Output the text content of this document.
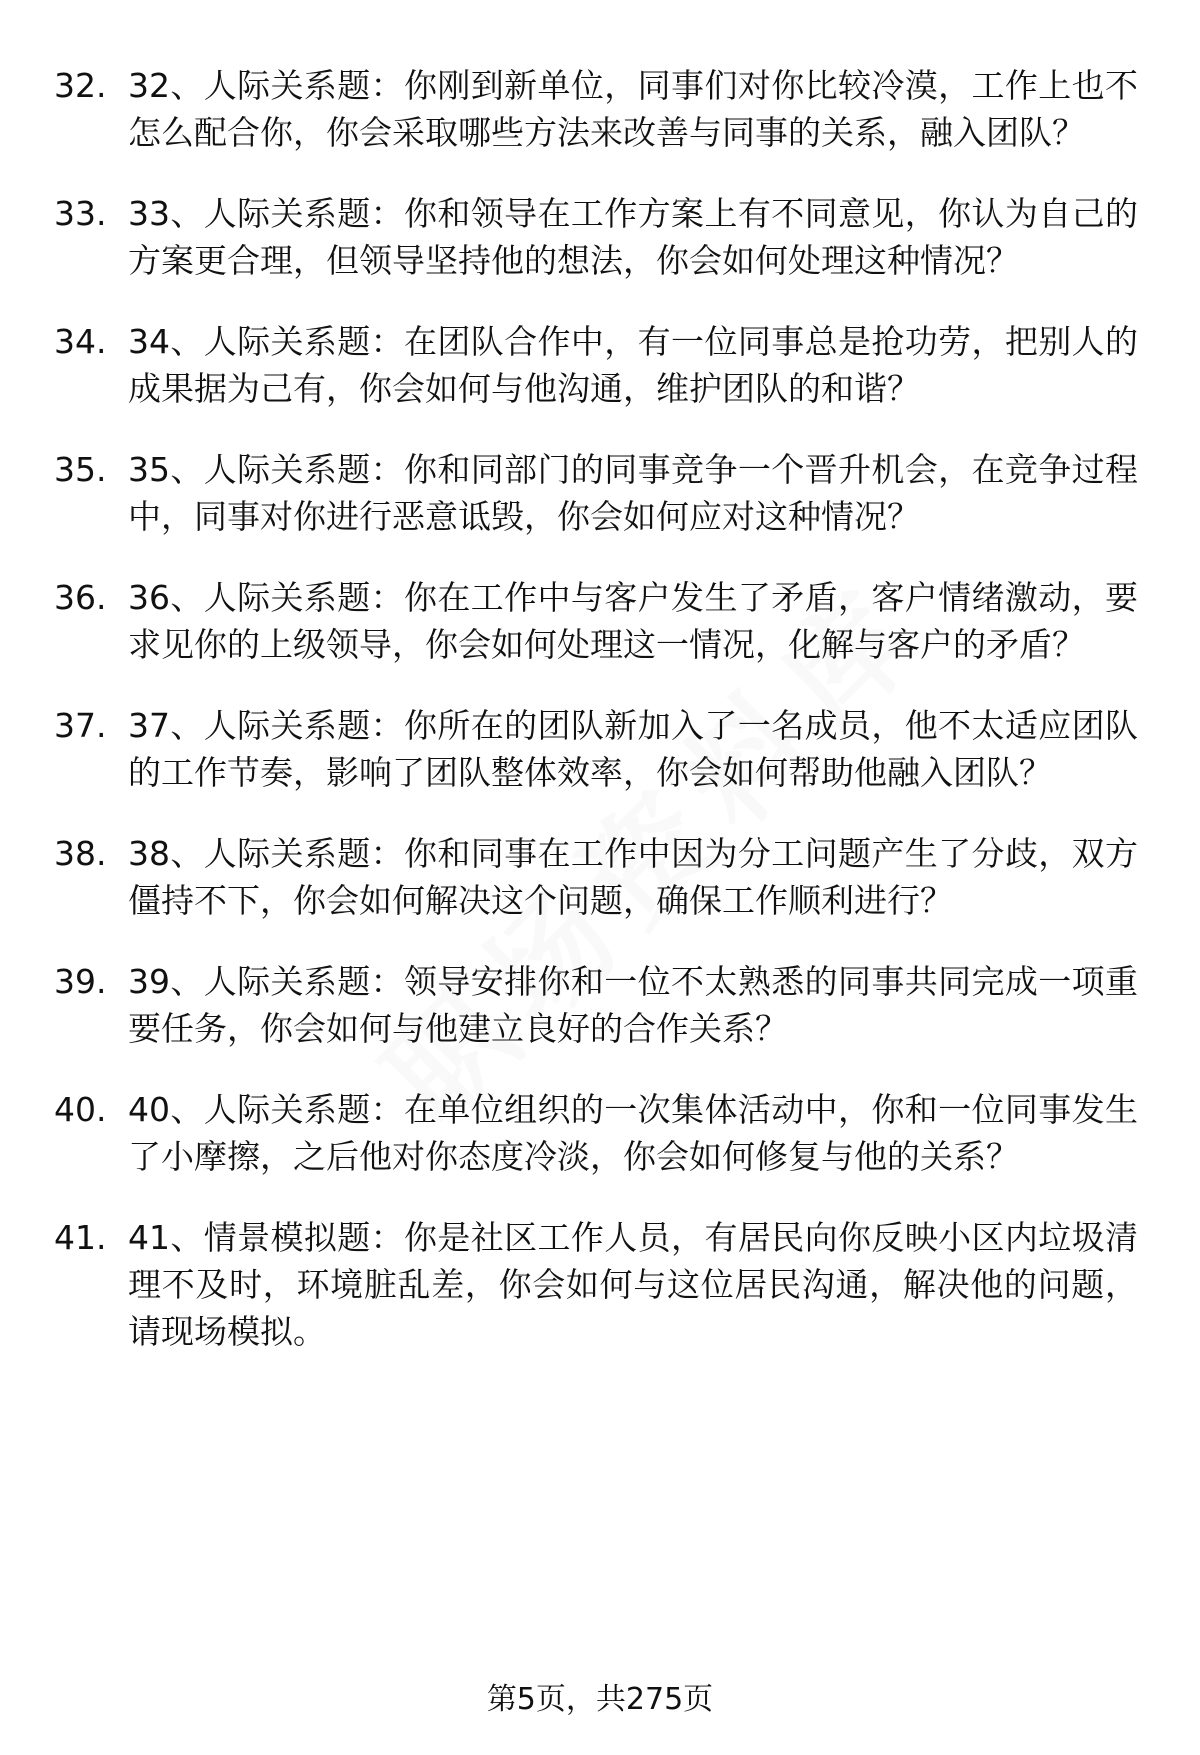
32. 32、人际关系题：你刚到新单位，同事们对你比较冷漠，工作上也不怎么配合你，你会采取哪些方法来改善与同事的关系，融入团队？
33. 33、人际关系题：你和领导在工作方案上有不同意见，你认为自己的方案更合理，但领导坚持他的想法，你会如何处理这种情况？
34. 34、人际关系题：在团队合作中，有一位同事总是抢功劳，把别人的成果据为己有，你会如何与他沟通，维护团队的和谐？
35. 35、人际关系题：你和同部门的同事竞争一个晋升机会，在竞争过程中，同事对你进行恶意诋毁，你会如何应对这种情况？
36. 36、人际关系题：你在工作中与客户发生了矛盾，客户情绪激动，要求见你的上级领导，你会如何处理这一情况，化解与客户的矛盾？
37. 37、人际关系题：你所在的团队新加入了一名成员，他不太适应团队的工作节奏，影响了团队整体效率，你会如何帮助他融入团队？
38. 38、人际关系题：你和同事在工作中因为分工问题产生了分歧，双方僵持不下，你会如何解决这个问题，确保工作顺利进行？
39. 39、人际关系题：领导安排你和一位不太熟悉的同事共同完成一项重要任务，你会如何与他建立良好的合作关系？
40. 40、人际关系题：在单位组织的一次集体活动中，你和一位同事发生了小摩擦，之后他对你态度冷淡，你会如何修复与他的关系？
41. 41、情景模拟题：你是社区工作人员，有居民向你反映小区内垃圾清理不及时，环境脏乱差，你会如何与这位居民沟通，解决他的问题，请现场模拟。
第5页，共275页
